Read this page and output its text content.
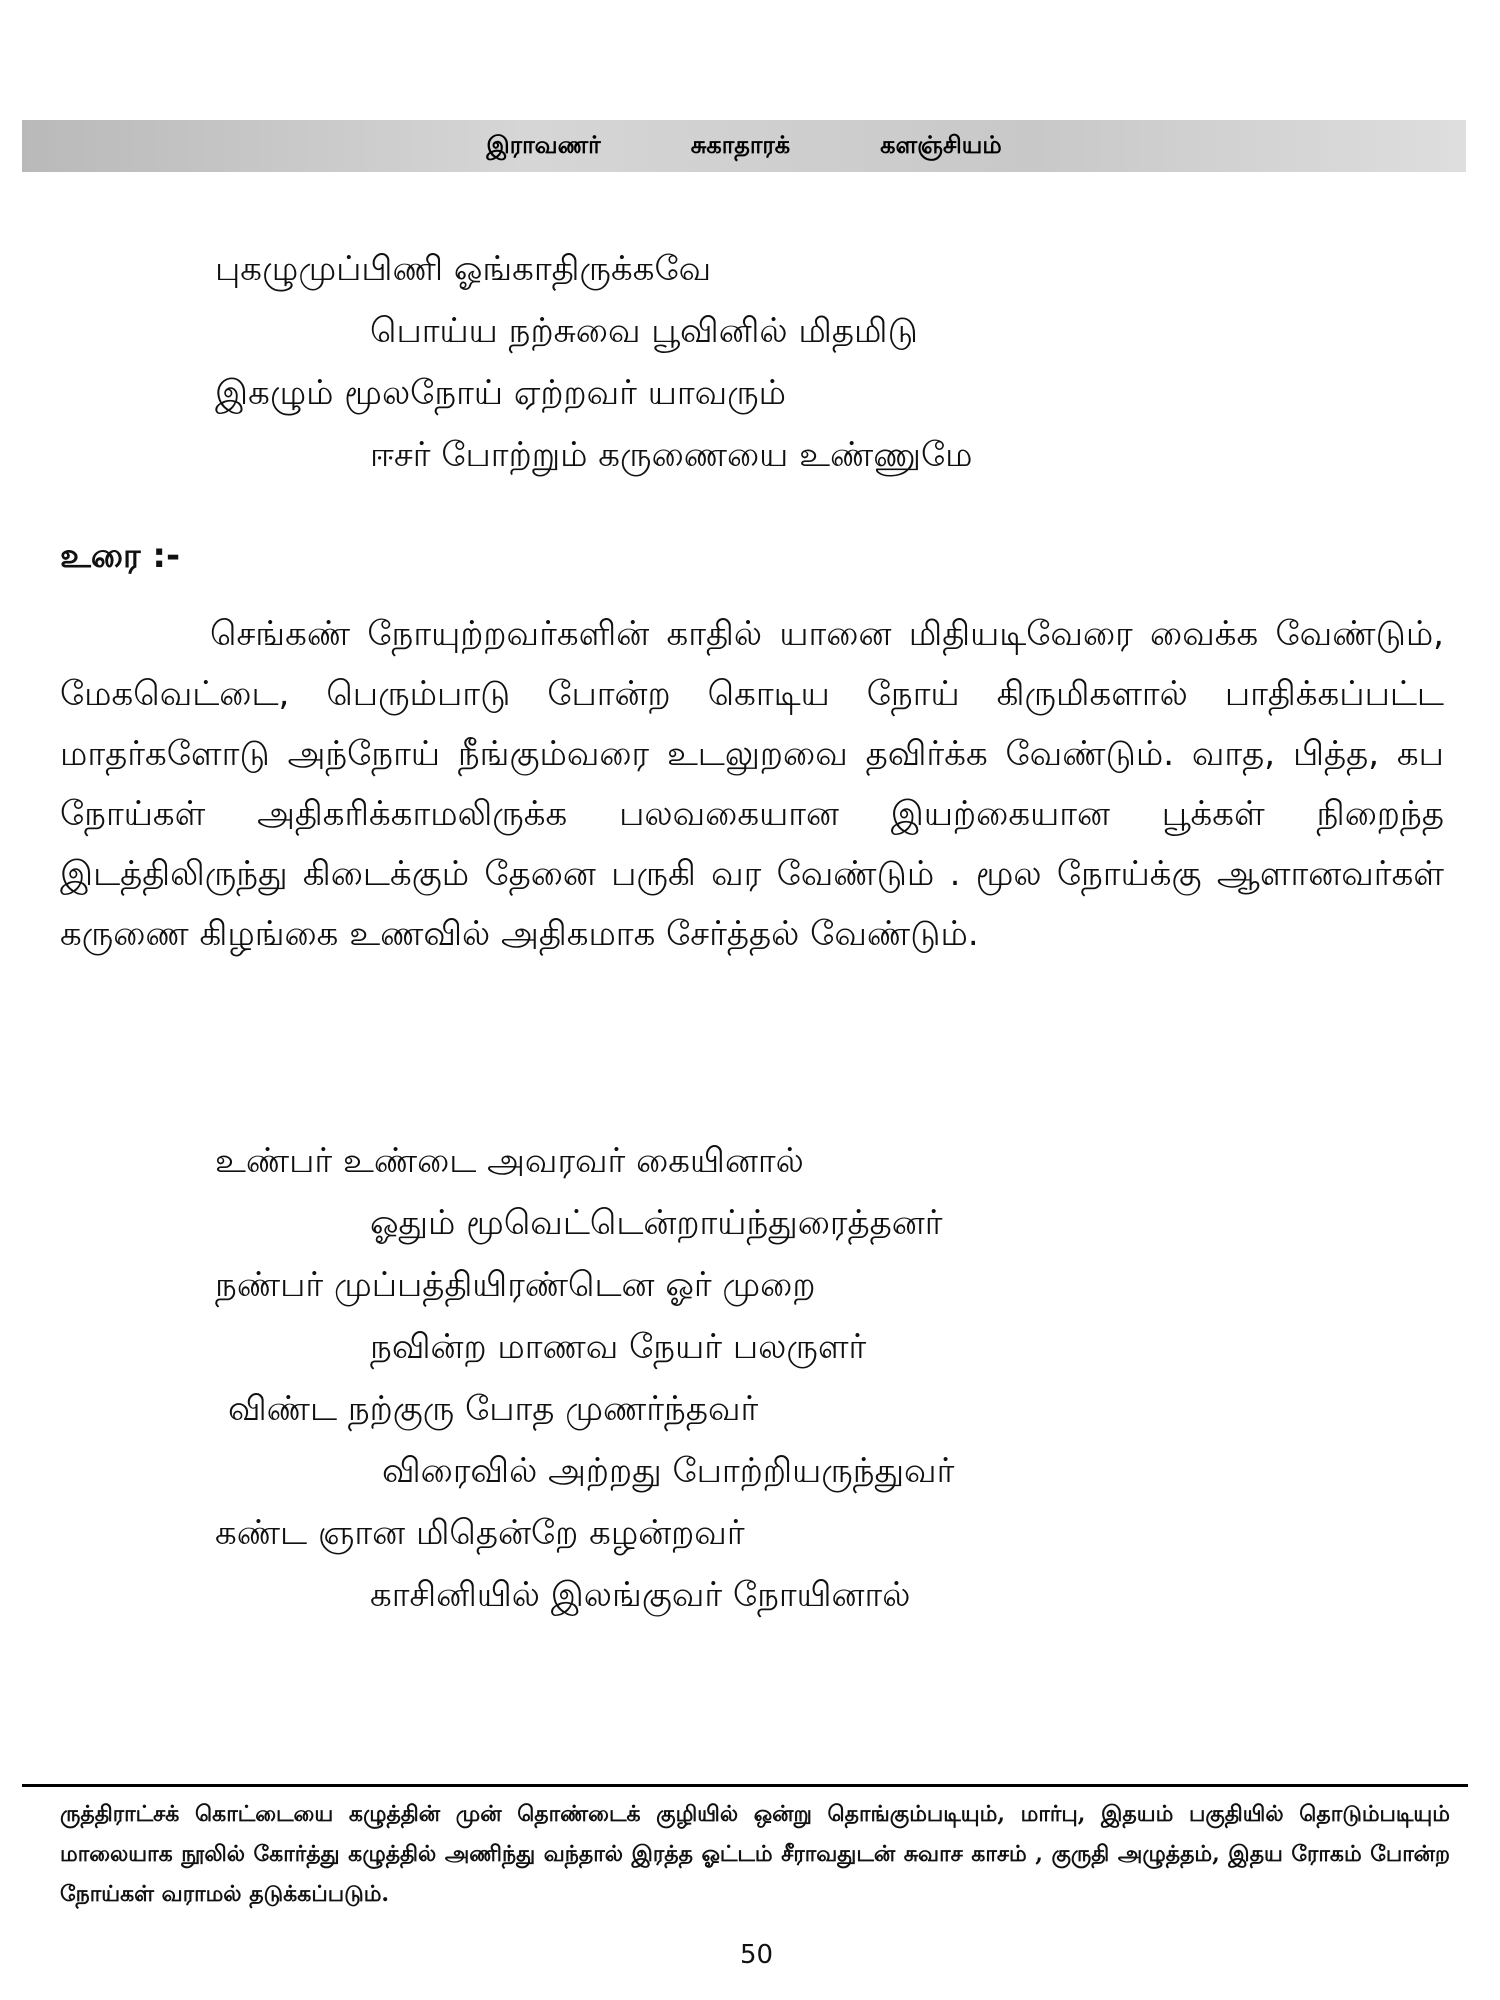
இராவணர்	சுகாதாரக்	களஞ்சியம்
புகழுமுப்பிணி ஓங்காதிருக்கவே
பொய்ய நற்சுவை பூவினில் மிதமிடு
இகழும் மூலநோய் ஏற்றவர் யாவரும்
ஈசர் போற்றும் கருணையை உண்ணுமே
உரை :-

செங்கண் நோயுற்றவர்களின் காதில் யானை மிதியடிவேரை வைக்க வேண்டும், மேகவெட்டை, பெரும்பாடு போன்ற கொடிய நோய் கிருமிகளால் பாதிக்கப்பட்ட மாதர்களோடு அந்நோய் நீங்கும்வரை உடலுறவை தவிர்க்க வேண்டும். வாத, பித்த, கப நோய்கள் அதிகரிக்காமலிருக்க பலவகையான இயற்கையான பூக்கள் நிறைந்த இடத்திலிருந்து கிடைக்கும் தேனை பருகி வர வேண்டும் . மூல நோய்க்கு ஆளானவர்கள் கருணை கிழங்கை உணவில் அதிகமாக சேர்த்தல் வேண்டும்.

உண்பர் உண்டை அவரவர் கையினால்
ஓதும் மூவெட்டென்றாய்ந்துரைத்தனர்
நண்பர் முப்பத்தியிரண்டென ஓர் முறை
நவின்ற மாணவ நேயர் பலருளர்
விண்ட நற்குரு போத முணர்ந்தவர்
விரைவில் அற்றது போற்றியருந்துவர்
கண்ட ஞான மிதென்றே கழன்றவர்
காசினியில் இலங்குவர் நோயினால்
ருத்திராட்சக் கொட்டையை கழுத்தின் முன் தொண்டைக் குழியில் ஒன்று தொங்கும்படியும், மார்பு, இதயம் பகுதியில் தொடும்படியும் மாலையாக நூலில் கோர்த்து கழுத்தில் அணிந்து வந்தால் இரத்த ஓட்டம் சீராவதுடன் சுவாச காசம் , குருதி அழுத்தம், இதய ரோகம் போன்ற நோய்கள் வராமல் தடுக்கப்படும்.
50
